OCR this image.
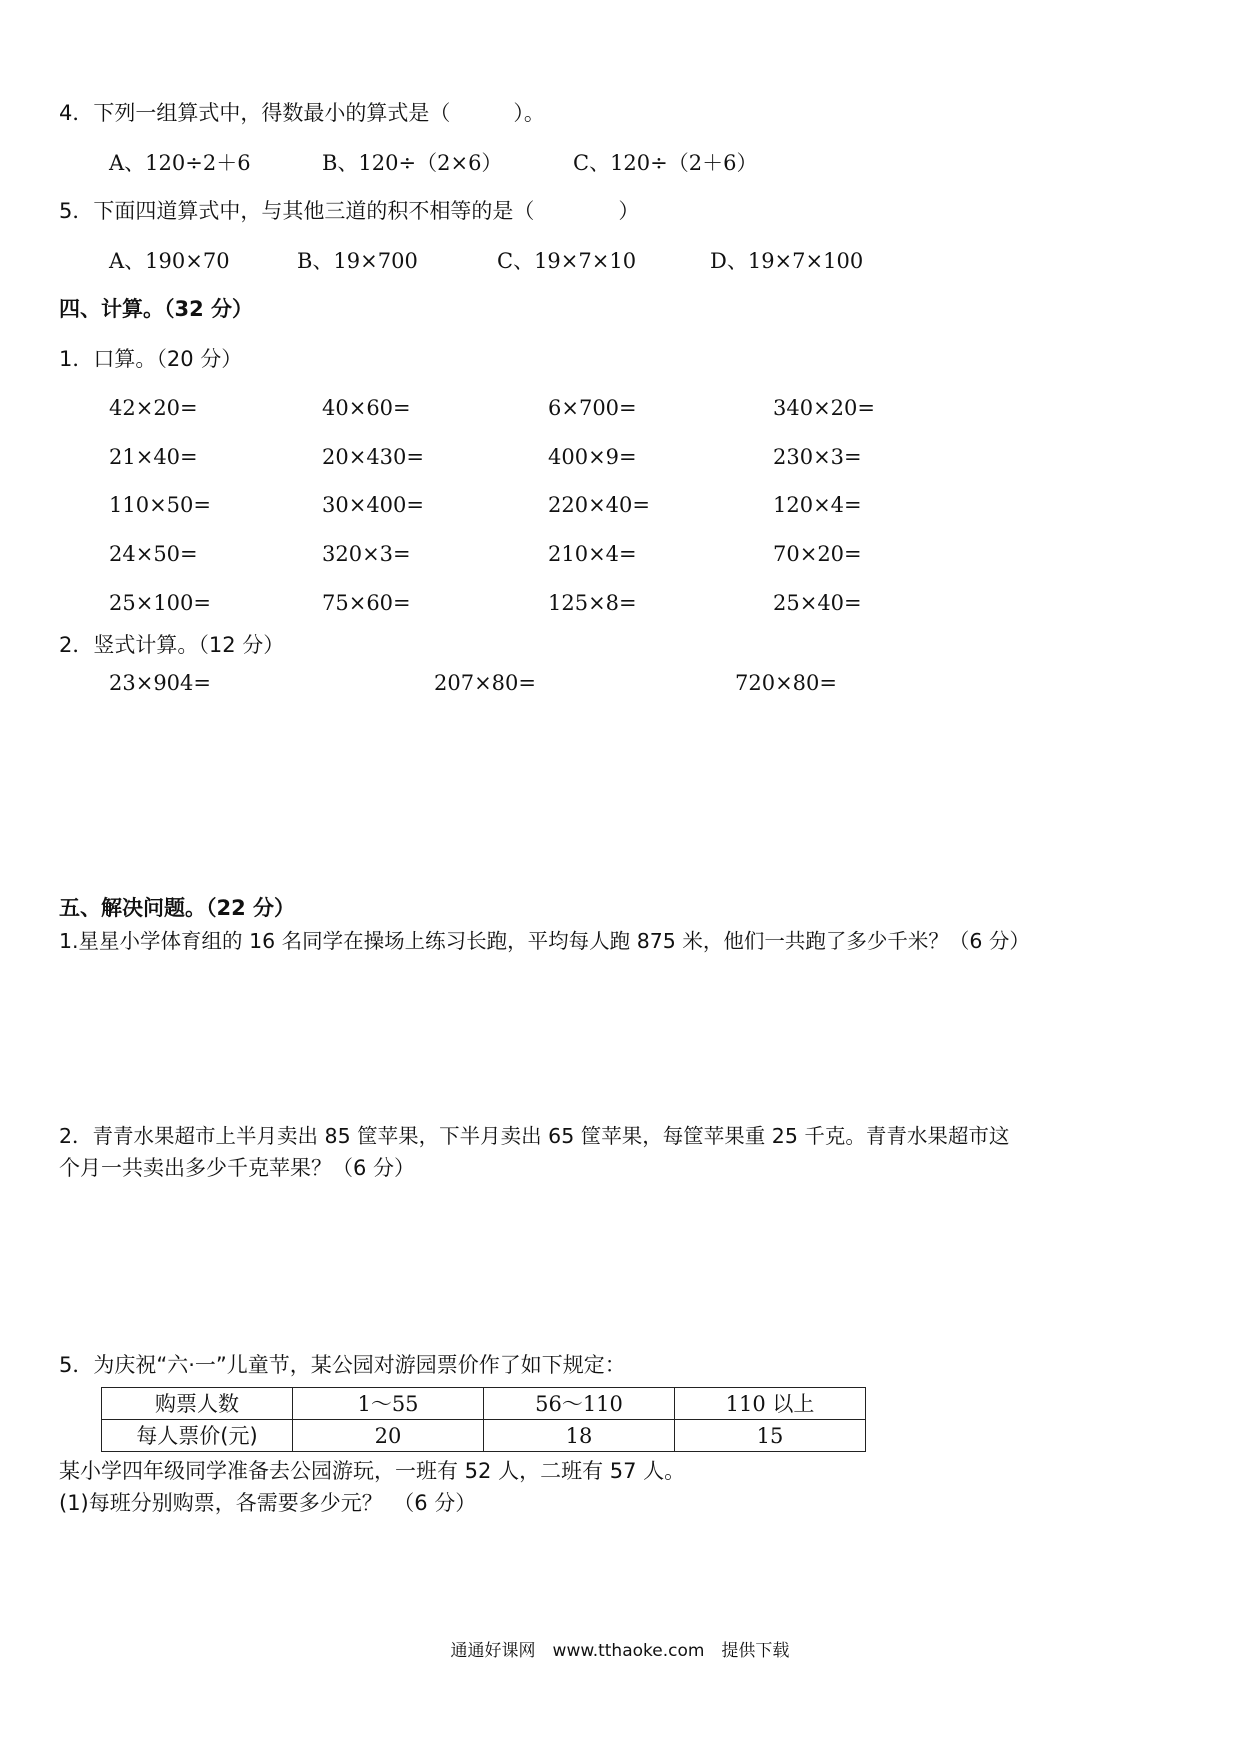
4．下列一组算式中，得数最小的算式是（　　　）。
A、120÷2＋6	B、120÷（2×6）	C、120÷（2＋6）
5．下面四道算式中，与其他三道的积不相等的是（　　　　）
A、190×70	B、19×700	C、19×7×10	D、19×7×100
四、计算。（32 分）
1．口算。（20 分）
42×20=	40×60=	6×700=	340×20=
21×40=	20×430=	400×9=	230×3=
110×50=	30×400=	220×40=	120×4=
24×50=	320×3=	210×4=	70×20=
25×100=	75×60=	125×8=	25×40=
2．竖式计算。（12 分）
23×904=	207×80=	720×80=
五、解决问题。（22 分）
1.星星小学体育组的 16 名同学在操场上练习长跑，平均每人跑 875 米，他们一共跑了多少千米？（6 分）
2．青青水果超市上半月卖出 85 筐苹果，下半月卖出 65 筐苹果，每筐苹果重 25 千克。青青水果超市这
个月一共卖出多少千克苹果？（6 分）
5．为庆祝“六·一”儿童节，某公园对游园票价作了如下规定：
购票人数	1～55	56～110	110 以上
每人票价(元)	20	18	15
某小学四年级同学准备去公园游玩，一班有 52 人，二班有 57 人。
(1)每班分别购票，各需要多少元？　（6 分）
通通好课网　www.tthaoke.com　提供下载
